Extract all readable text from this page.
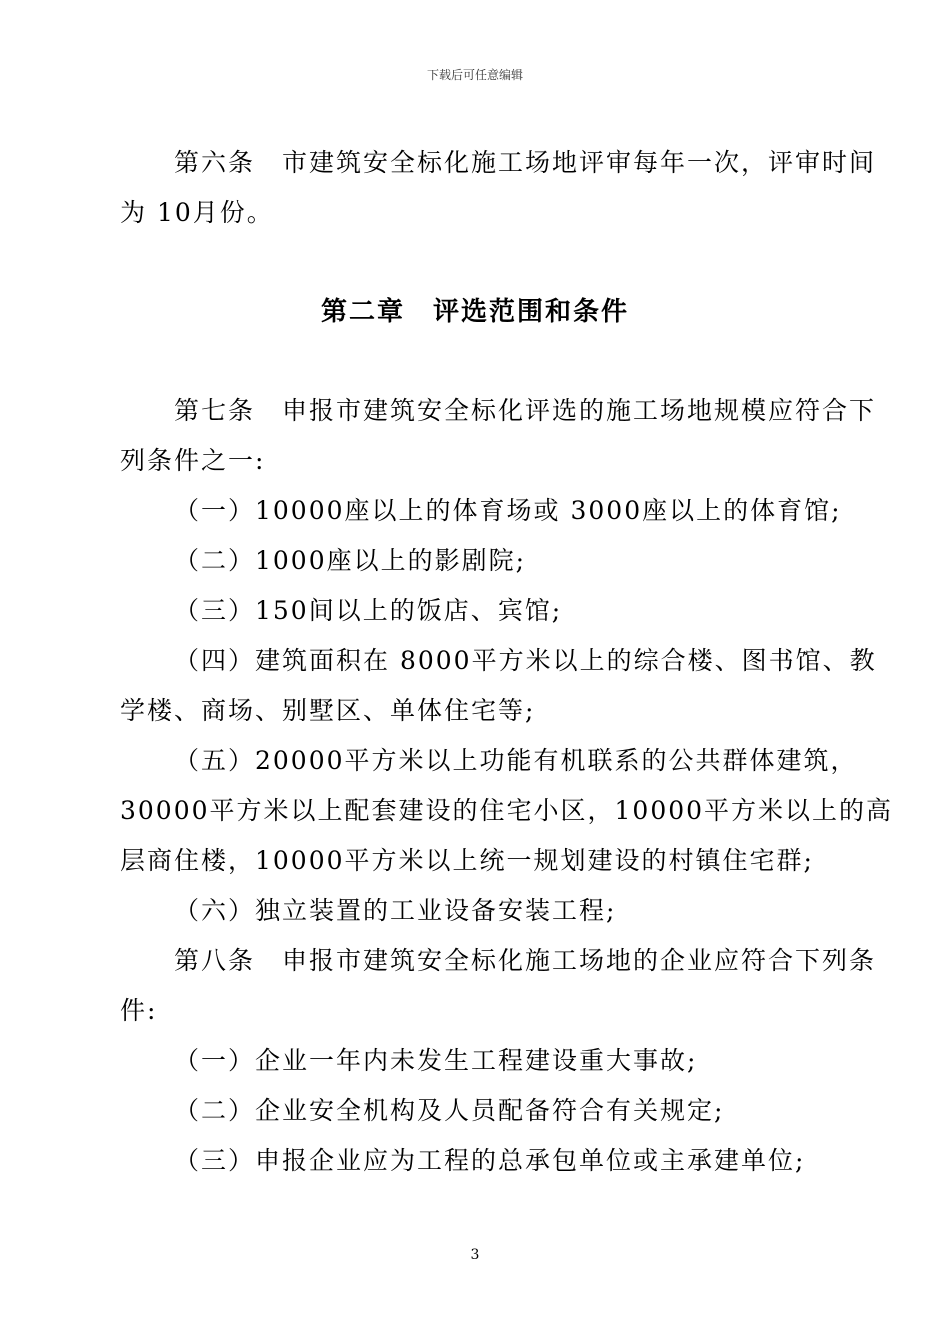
下载后可任意编辑
第六条　市建筑安全标化施工场地评审每年一次，评审时间
为 10月份。
第二章　评选范围和条件
第七条　申报市建筑安全标化评选的施工场地规模应符合下
列条件之一:
（一）10000座以上的体育场或 3000座以上的体育馆;
（二）1000座以上的影剧院;
（三）150间以上的饭店、宾馆;
（四）建筑面积在 8000平方米以上的综合楼、图书馆、教
学楼、商场、别墅区、单体住宅等;
（五）20000平方米以上功能有机联系的公共群体建筑，
30000平方米以上配套建设的住宅小区，10000平方米以上的高
层商住楼，10000平方米以上统一规划建设的村镇住宅群;
（六）独立装置的工业设备安装工程;
第八条　申报市建筑安全标化施工场地的企业应符合下列条
件:
（一）企业一年内未发生工程建设重大事故;
（二）企业安全机构及人员配备符合有关规定;
（三）申报企业应为工程的总承包单位或主承建单位;
3
